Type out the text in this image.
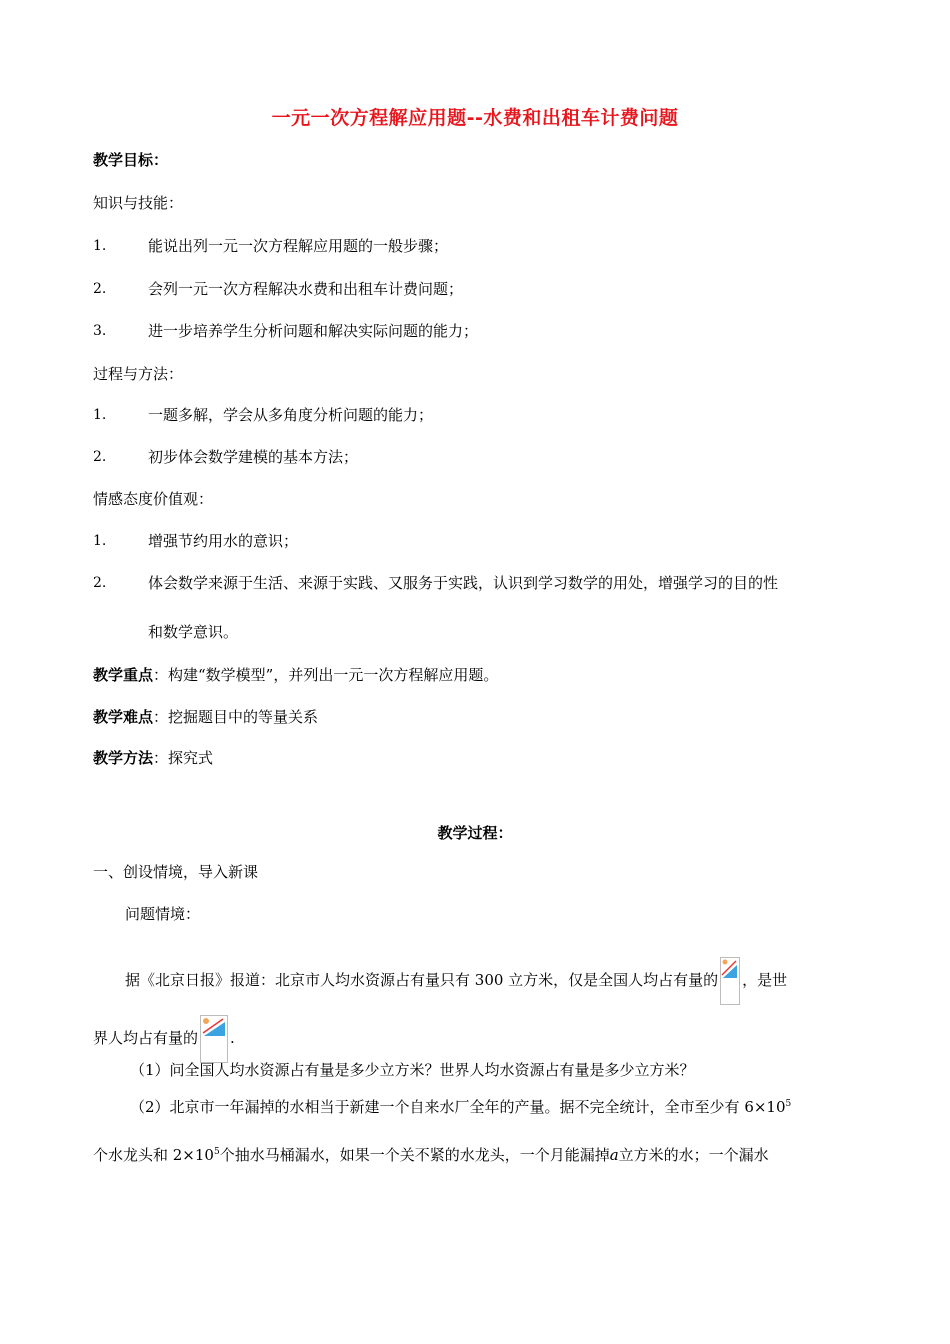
一元一次方程解应用题--水费和出租车计费问题
教学目标：
知识与技能：
1.	能说出列一元一次方程解应用题的一般步骤；
2.	会列一元一次方程解决水费和出租车计费问题；
3.	进一步培养学生分析问题和解决实际问题的能力；
过程与方法：
1.	一题多解，学会从多角度分析问题的能力；
2.	初步体会数学建模的基本方法；
情感态度价值观：
1.	增强节约用水的意识；
2.	体会数学来源于生活、来源于实践、又服务于实践，认识到学习数学的用处，增强学习的目的性
和数学意识。
教学重点：构建“数学模型”，并列出一元一次方程解应用题。
教学难点：挖掘题目中的等量关系
教学方法：探究式
教学过程：
一、创设情境，导入新课
问题情境：
据《北京日报》报道：北京市人均水资源占有量只有 300 立方米，仅是全国人均占有量的 ，是世
界人均占有量的 .
（1）问全国人均水资源占有量是多少立方米？世界人均水资源占有量是多少立方米？
（2）北京市一年漏掉的水相当于新建一个自来水厂全年的产量。据不完全统计，全市至少有 $6\times 10^5$
个水龙头和 $2\times 10^5$个抽水马桶漏水，如果一个关不紧的水龙头，一个月能漏掉a立方米的水；一个漏水
